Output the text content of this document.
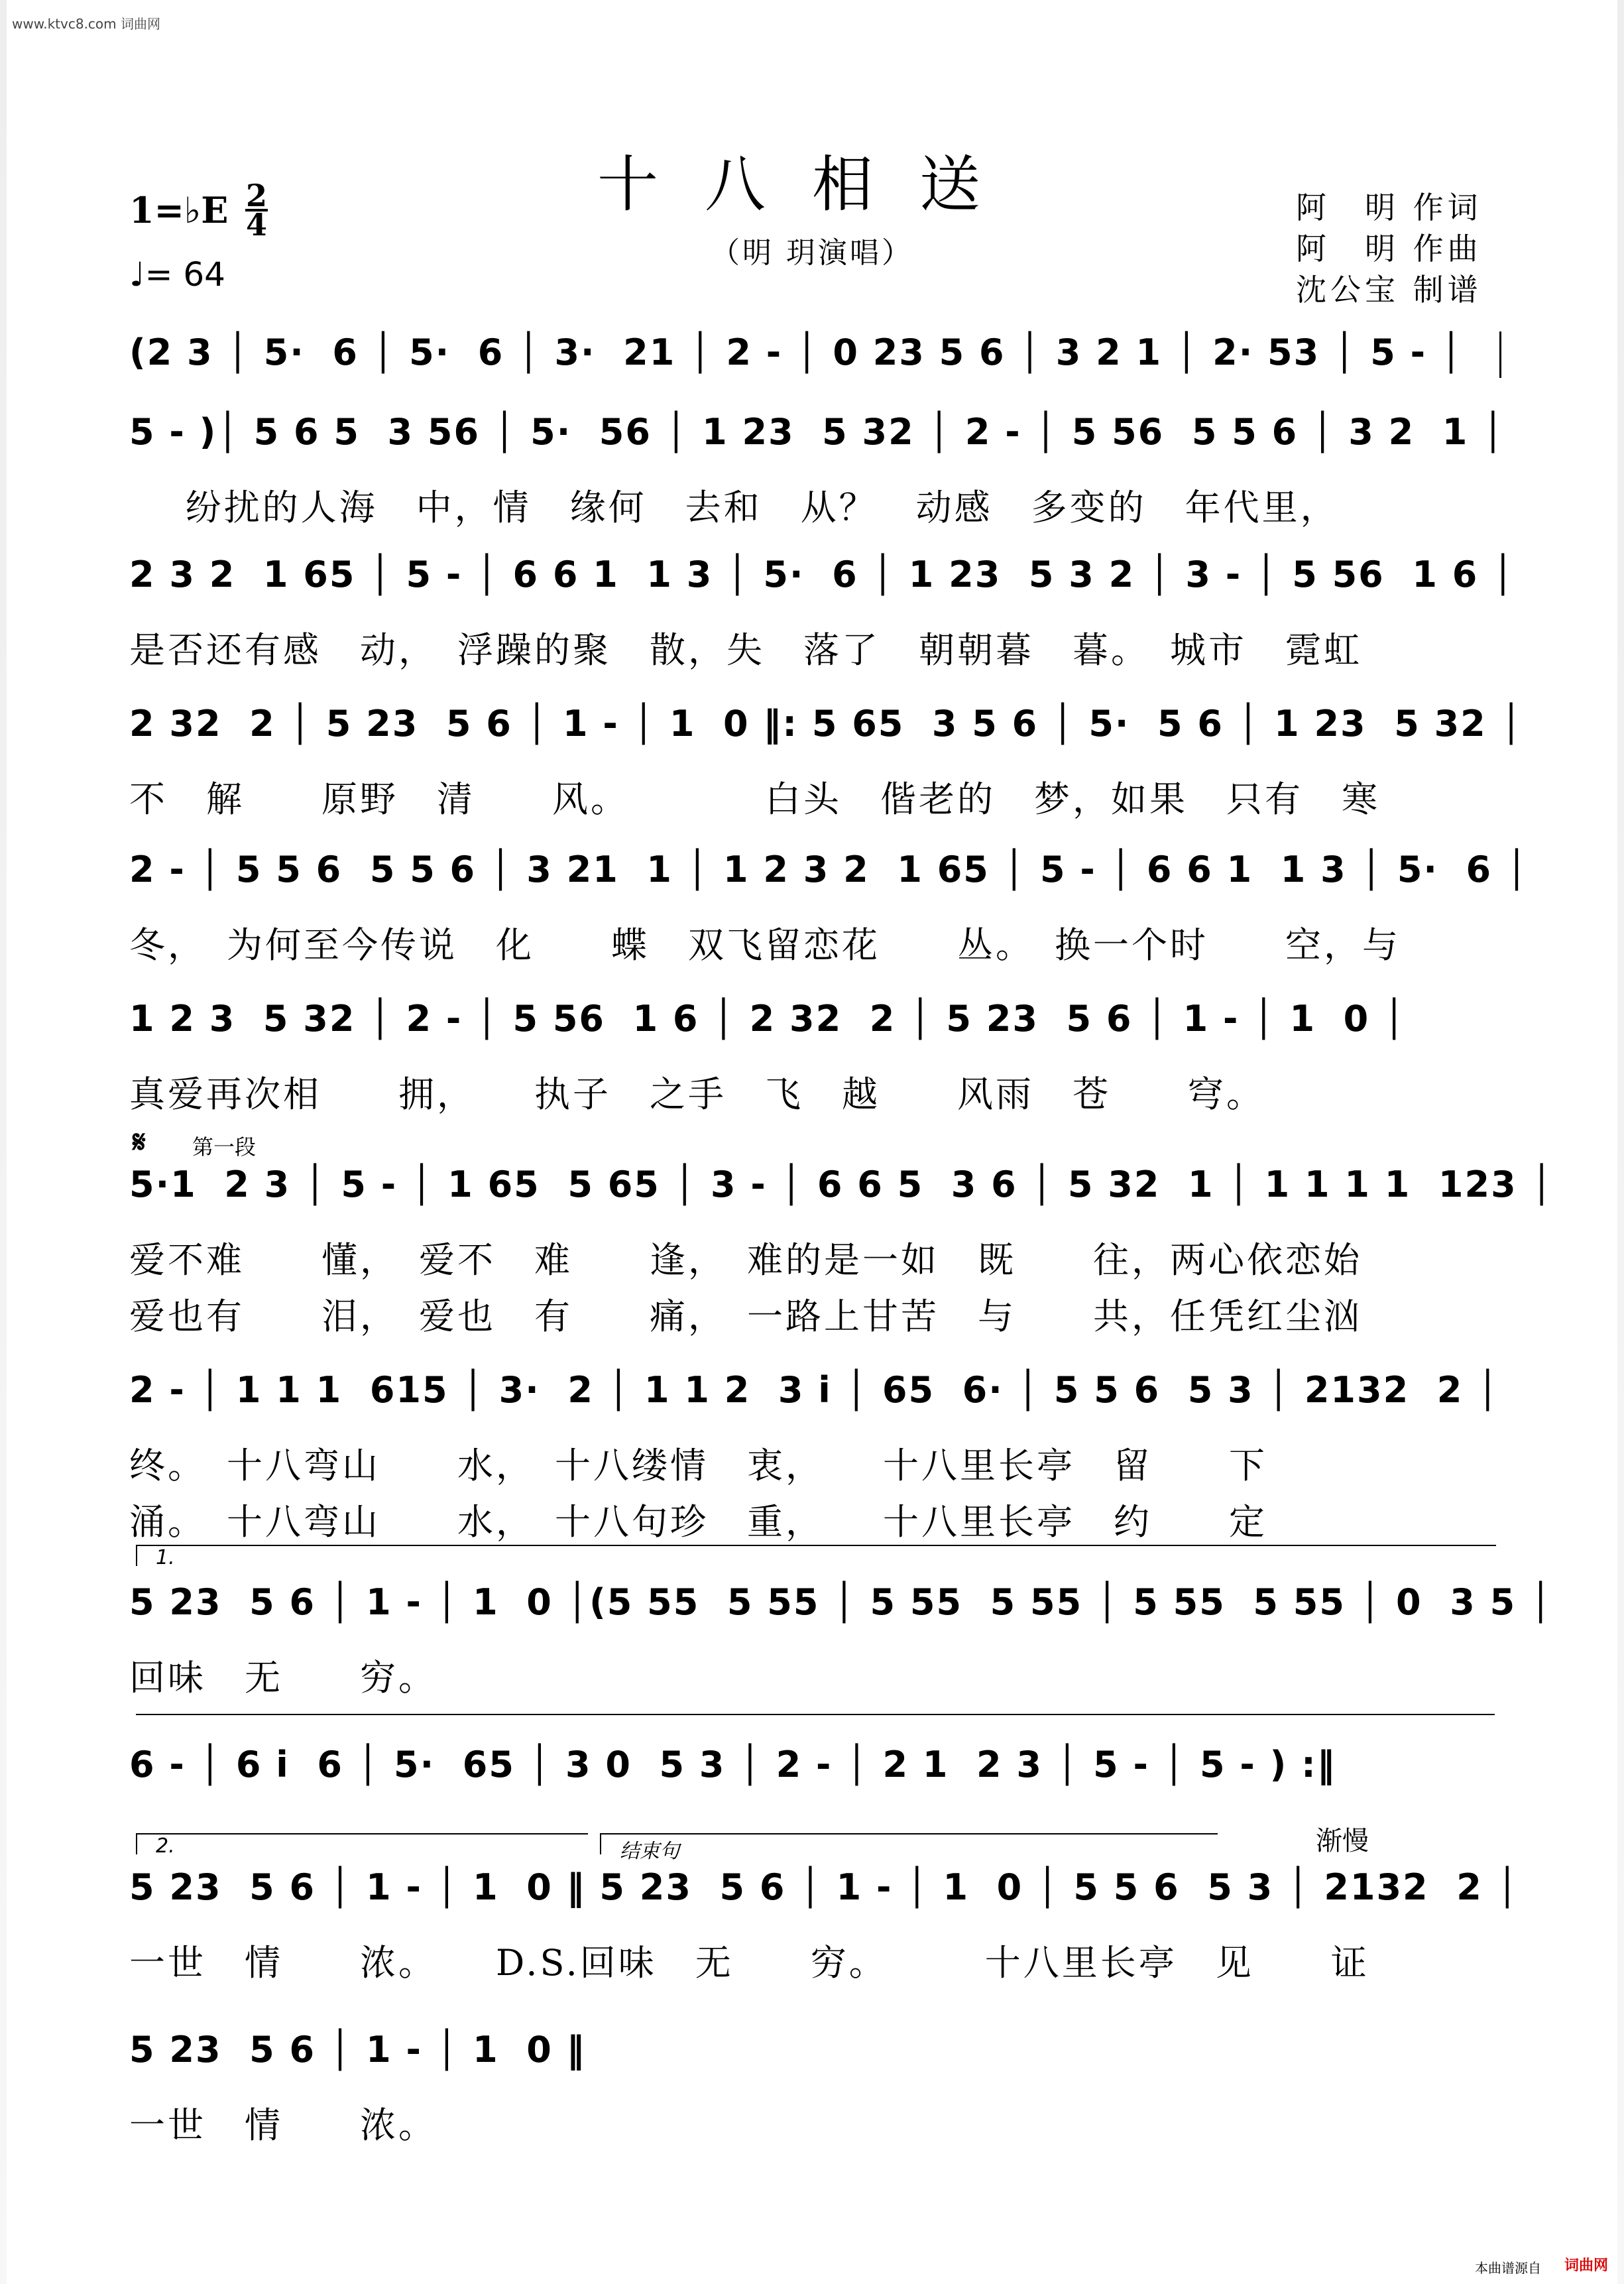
www.ktvc8.com 词曲网
十八相送
（明 玥演唱）
1=♭E 2
4
♩= 64
阿　明 作词
阿　明 作曲
沈公宝 制谱
(2 3 │ 5·  6 │ 5·  6 │ 3·  21 │ 2 - │ 0 23 5 6 │ 3 2 1 │ 2· 53 │ 5 - │
5 - )│ 5 6 5  3 56 │ 5·  56 │ 1 23  5 32 │ 2 - │ 5 56  5 5 6 │ 3 2  1 │
纷扰的人海　中，情　缘何　去和　从？　动感　多变的　年代里，
2 3 2  1 65 │ 5 - │ 6 6 1  1 3 │ 5·  6 │ 1 23  5 3 2 │ 3 - │ 5 56  1 6 │
是否还有感　动，　浮躁的聚　散，失　落了　朝朝暮　暮。　城市　霓虹
2 32  2 │ 5 23  5 6 │ 1 - │ 1  0 ‖: 5 65  3 5 6 │ 5·  5 6 │ 1 23  5 32 │
不　解　　原野　清　　风。　　　　白头　偕老的　梦，如果　只有　寒
2 - │ 5 5 6  5 5 6 │ 3 21  1 │ 1 2 3 2  1 65 │ 5 - │ 6 6 1  1 3 │ 5·  6 │
冬，　为何至今传说　化　　蝶　双飞留恋花　　丛。　换一个时　　空，与
1 2 3  5 32 │ 2 - │ 5 56  1 6 │ 2 32  2 │ 5 23  5 6 │ 1 - │ 1  0 │
真爱再次相　　拥，　　执子　之手　飞　越　　风雨　苍　　穹。
𝄋 第一段
5·1  2 3 │ 5 - │ 1 65  5 65 │ 3 - │ 6 6 5  3 6 │ 5 32  1 │ 1 1 1 1  123 │
爱不难　　懂，　爱不　难　　逢，　难的是一如　既　　往，两心依恋始
爱也有　　泪，　爱也　有　　痛，　一路上甘苦　与　　共，任凭红尘汹
2 - │ 1 1 1  615 │ 3·  2 │ 1 1 2  3 i │ 65  6· │ 5 5 6  5 3 │ 2132  2 │
终。　十八弯山　　水，　十八缕情　衷，　　十八里长亭　留　　下
涌。　十八弯山　　水，　十八句珍　重，　　十八里长亭　约　　定
1.
5 23  5 6 │ 1 - │ 1  0 │(5 55  5 55 │ 5 55  5 55 │ 5 55  5 55 │ 0  3 5 │
回味　无　　穷。
6 - │ 6 i  6 │ 5·  65 │ 3 0  5 3 │ 2 - │ 2 1  2 3 │ 5 - │ 5 - ) :‖
2.	结束句	渐慢
5 23  5 6 │ 1 - │ 1  0 ‖ 5 23  5 6 │ 1 - │ 1  0 │ 5 5 6  5 3 │ 2132  2 │
一世　情　　浓。　　D.S.回味　无　　穷。　　　十八里长亭　见　　证
5 23  5 6 │ 1 - │ 1  0 ‖
一世　情　　浓。
本曲谱源自 词曲网
